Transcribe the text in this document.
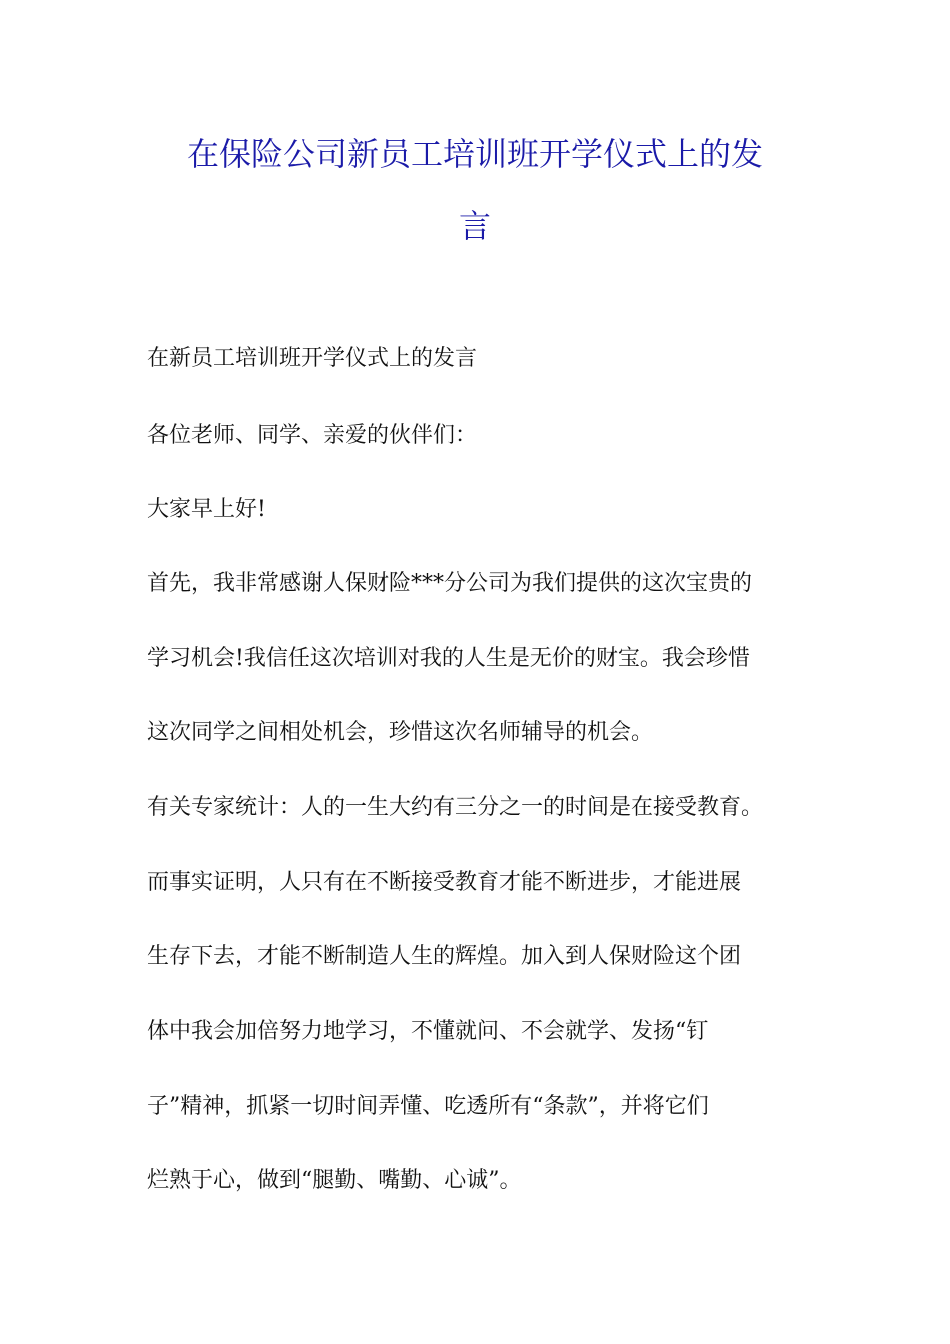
在保险公司新员工培训班开学仪式上的发
言

在新员工培训班开学仪式上的发言

各位老师、同学、亲爱的伙伴们：

大家早上好!

首先，我非常感谢人保财险***分公司为我们提供的这次宝贵的

学习机会!我信任这次培训对我的人生是无价的财宝。我会珍惜

这次同学之间相处机会，珍惜这次名师辅导的机会。

有关专家统计：人的一生大约有三分之一的时间是在接受教育。

而事实证明，人只有在不断接受教育才能不断进步，才能进展

生存下去，才能不断制造人生的辉煌。加入到人保财险这个团

体中我会加倍努力地学习，不懂就问、不会就学、发扬“钉

子”精神，抓紧一切时间弄懂、吃透所有“条款”，并将它们

烂熟于心，做到“腿勤、嘴勤、心诚”。
